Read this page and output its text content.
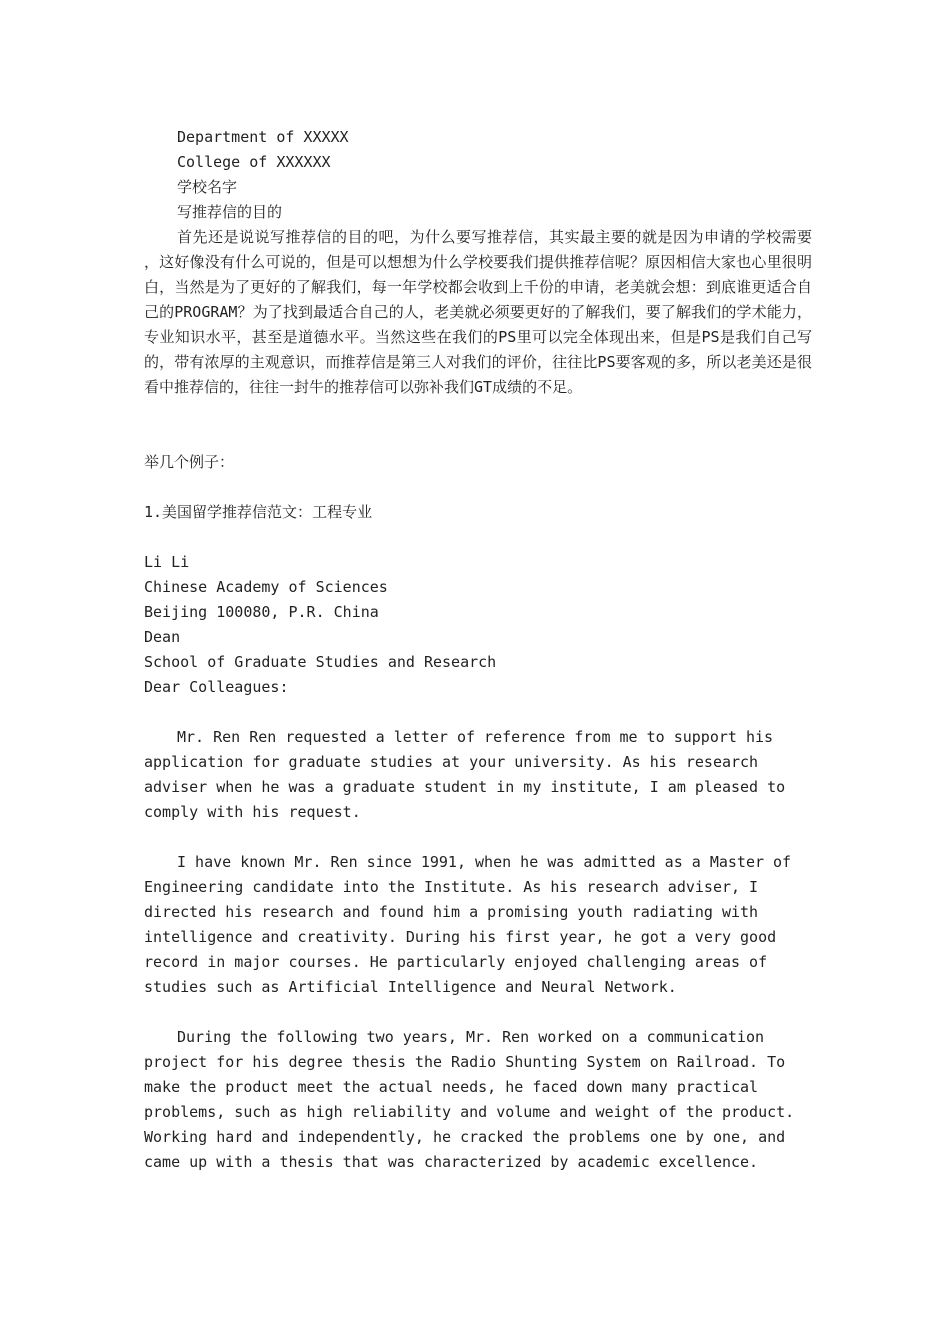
Department of XXXXX

College of XXXXXX

学校名字

写推荐信的目的

首先还是说说写推荐信的目的吧，为什么要写推荐信，其实最主要的就是因为申请的学校需要 ，这好像没有什么可说的，但是可以想想为什么学校要我们提供推荐信呢？原因相信大家也心里很明白，当然是为了更好的了解我们，每一年学校都会收到上千份的申请，老美就会想：到底谁更适合自己的PROGRAM？为了找到最适合自己的人，老美就必须要更好的了解我们，要了解我们的学术能力，专业知识水平，甚至是道德水平。当然这些在我们的PS里可以完全体现出来，但是PS是我们自己写的，带有浓厚的主观意识，而推荐信是第三人对我们的评价，往往比PS要客观的多，所以老美还是很看中推荐信的，往往一封牛的推荐信可以弥补我们GT成绩的不足。

举几个例子：

1.美国留学推荐信范文：工程专业

Li Li

Chinese Academy of Sciences

Beijing 100080, P.R. China

Dean

School of Graduate Studies and Research

Dear Colleagues:

Mr. Ren Ren requested a letter of reference from me to support his application for graduate studies at your university. As his research adviser when he was a graduate student in my institute, I am pleased to comply with his request.

I have known Mr. Ren since 1991, when he was admitted as a Master of Engineering candidate into the Institute. As his research adviser, I directed his research and found him a promising youth radiating with intelligence and creativity. During his first year, he got a very good record in major courses. He particularly enjoyed challenging areas of studies such as Artificial Intelligence and Neural Network.

During the following two years, Mr. Ren worked on a communication project for his degree thesis the Radio Shunting System on Railroad. To make the product meet the actual needs, he faced down many practical problems, such as high reliability and volume and weight of the product. Working hard and independently, he cracked the problems one by one, and came up with a thesis that was characterized by academic excellence.
